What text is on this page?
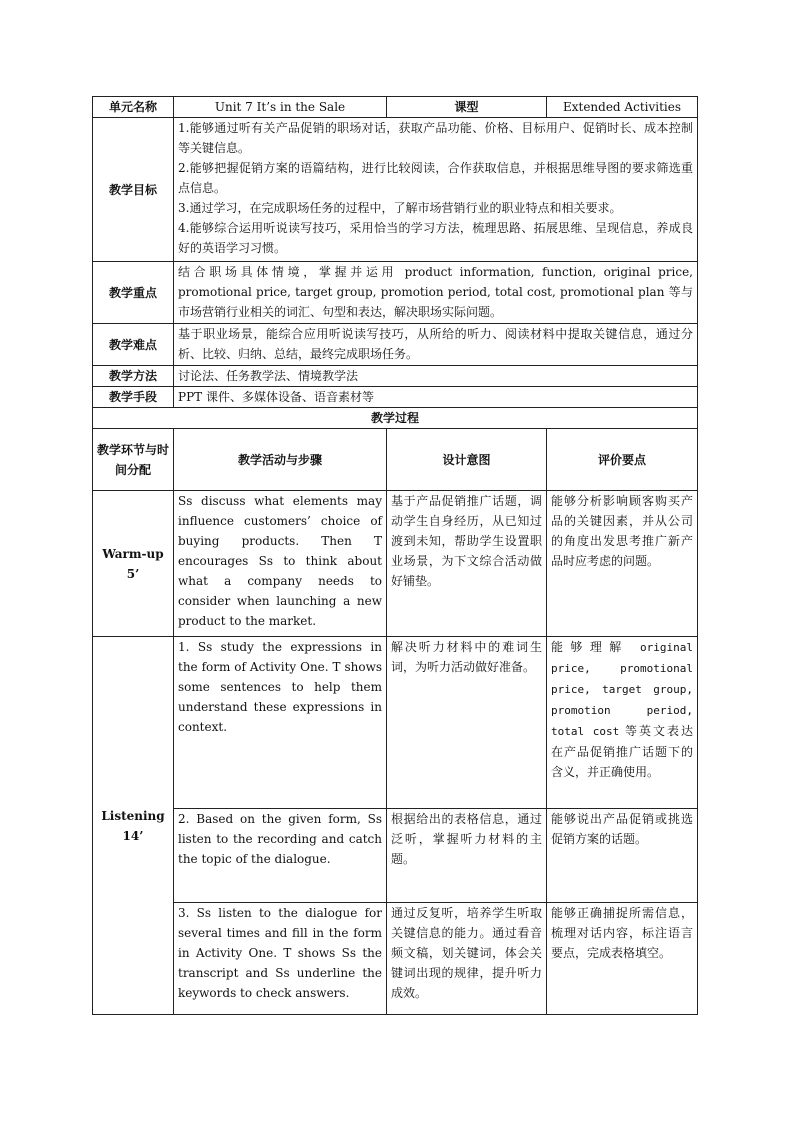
单元名称	Unit 7 It’s in the Sale	课型	Extended Activities
教学目标	1.能够通过听有关产品促销的职场对话，获取产品功能、价格、目标用户、促销时长、成本控制等关键信息。
2.能够把握促销方案的语篇结构，进行比较阅读，合作获取信息，并根据思维导图的要求筛选重点信息。
3.通过学习，在完成职场任务的过程中，了解市场营销行业的职业特点和相关要求。
4.能够综合运用听说读写技巧，采用恰当的学习方法，梳理思路、拓展思维、呈现信息，养成良好的英语学习习惯。		

教学重点	结合职场具体情境，掌握并运用 product information, function, original price, promotional price, target group, promotion period, total cost, promotional plan 等与市场营销行业相关的词汇、句型和表达，解决职场实际问题。		
教学难点	基于职业场景，能综合应用听说读写技巧，从所给的听力、阅读材料中提取关键信息，通过分析、比较、归纳、总结，最终完成职场任务。		
教学方法	讨论法、任务教学法、情境教学法		
教学手段	PPT 课件、多媒体设备、语音素材等		
教学过程			
教学环节与时间分配	教学活动与步骤	设计意图	评价要点

Warm-up
5’	Ss discuss what elements may influence customers’ choice of buying products. Then T encourages Ss to think about what a company needs to consider when launching a new product to the market.	基于产品促销推广话题，调动学生自身经历，从已知过渡到未知，帮助学生设置职业场景，为下文综合活动做好铺垫。	能够分析影响顾客购买产品的关键因素，并从公司的角度出发思考推广新产品时应考虑的问题。

Listening
14’	1. Ss study the expressions in the form of Activity One. T shows some sentences to help them understand these expressions in context.	解决听力材料中的难词生词，为听力活动做好准备。	能够理解 original price, promotional price, target group, promotion period, total cost 等英文表达在产品促销推广话题下的含义，并正确使用。
	2. Based on the given form, Ss listen to the recording and catch the topic of the dialogue.	根据给出的表格信息，通过泛听，掌握听力材料的主题。	能够说出产品促销或挑选促销方案的话题。
	3. Ss listen to the dialogue for several times and fill in the form in Activity One. T shows Ss the transcript and Ss underline the keywords to check answers.	通过反复听，培养学生听取关键信息的能力。通过看音频文稿，划关键词，体会关键词出现的规律，提升听力成效。	能够正确捕捉所需信息，梳理对话内容，标注语言要点，完成表格填空。
